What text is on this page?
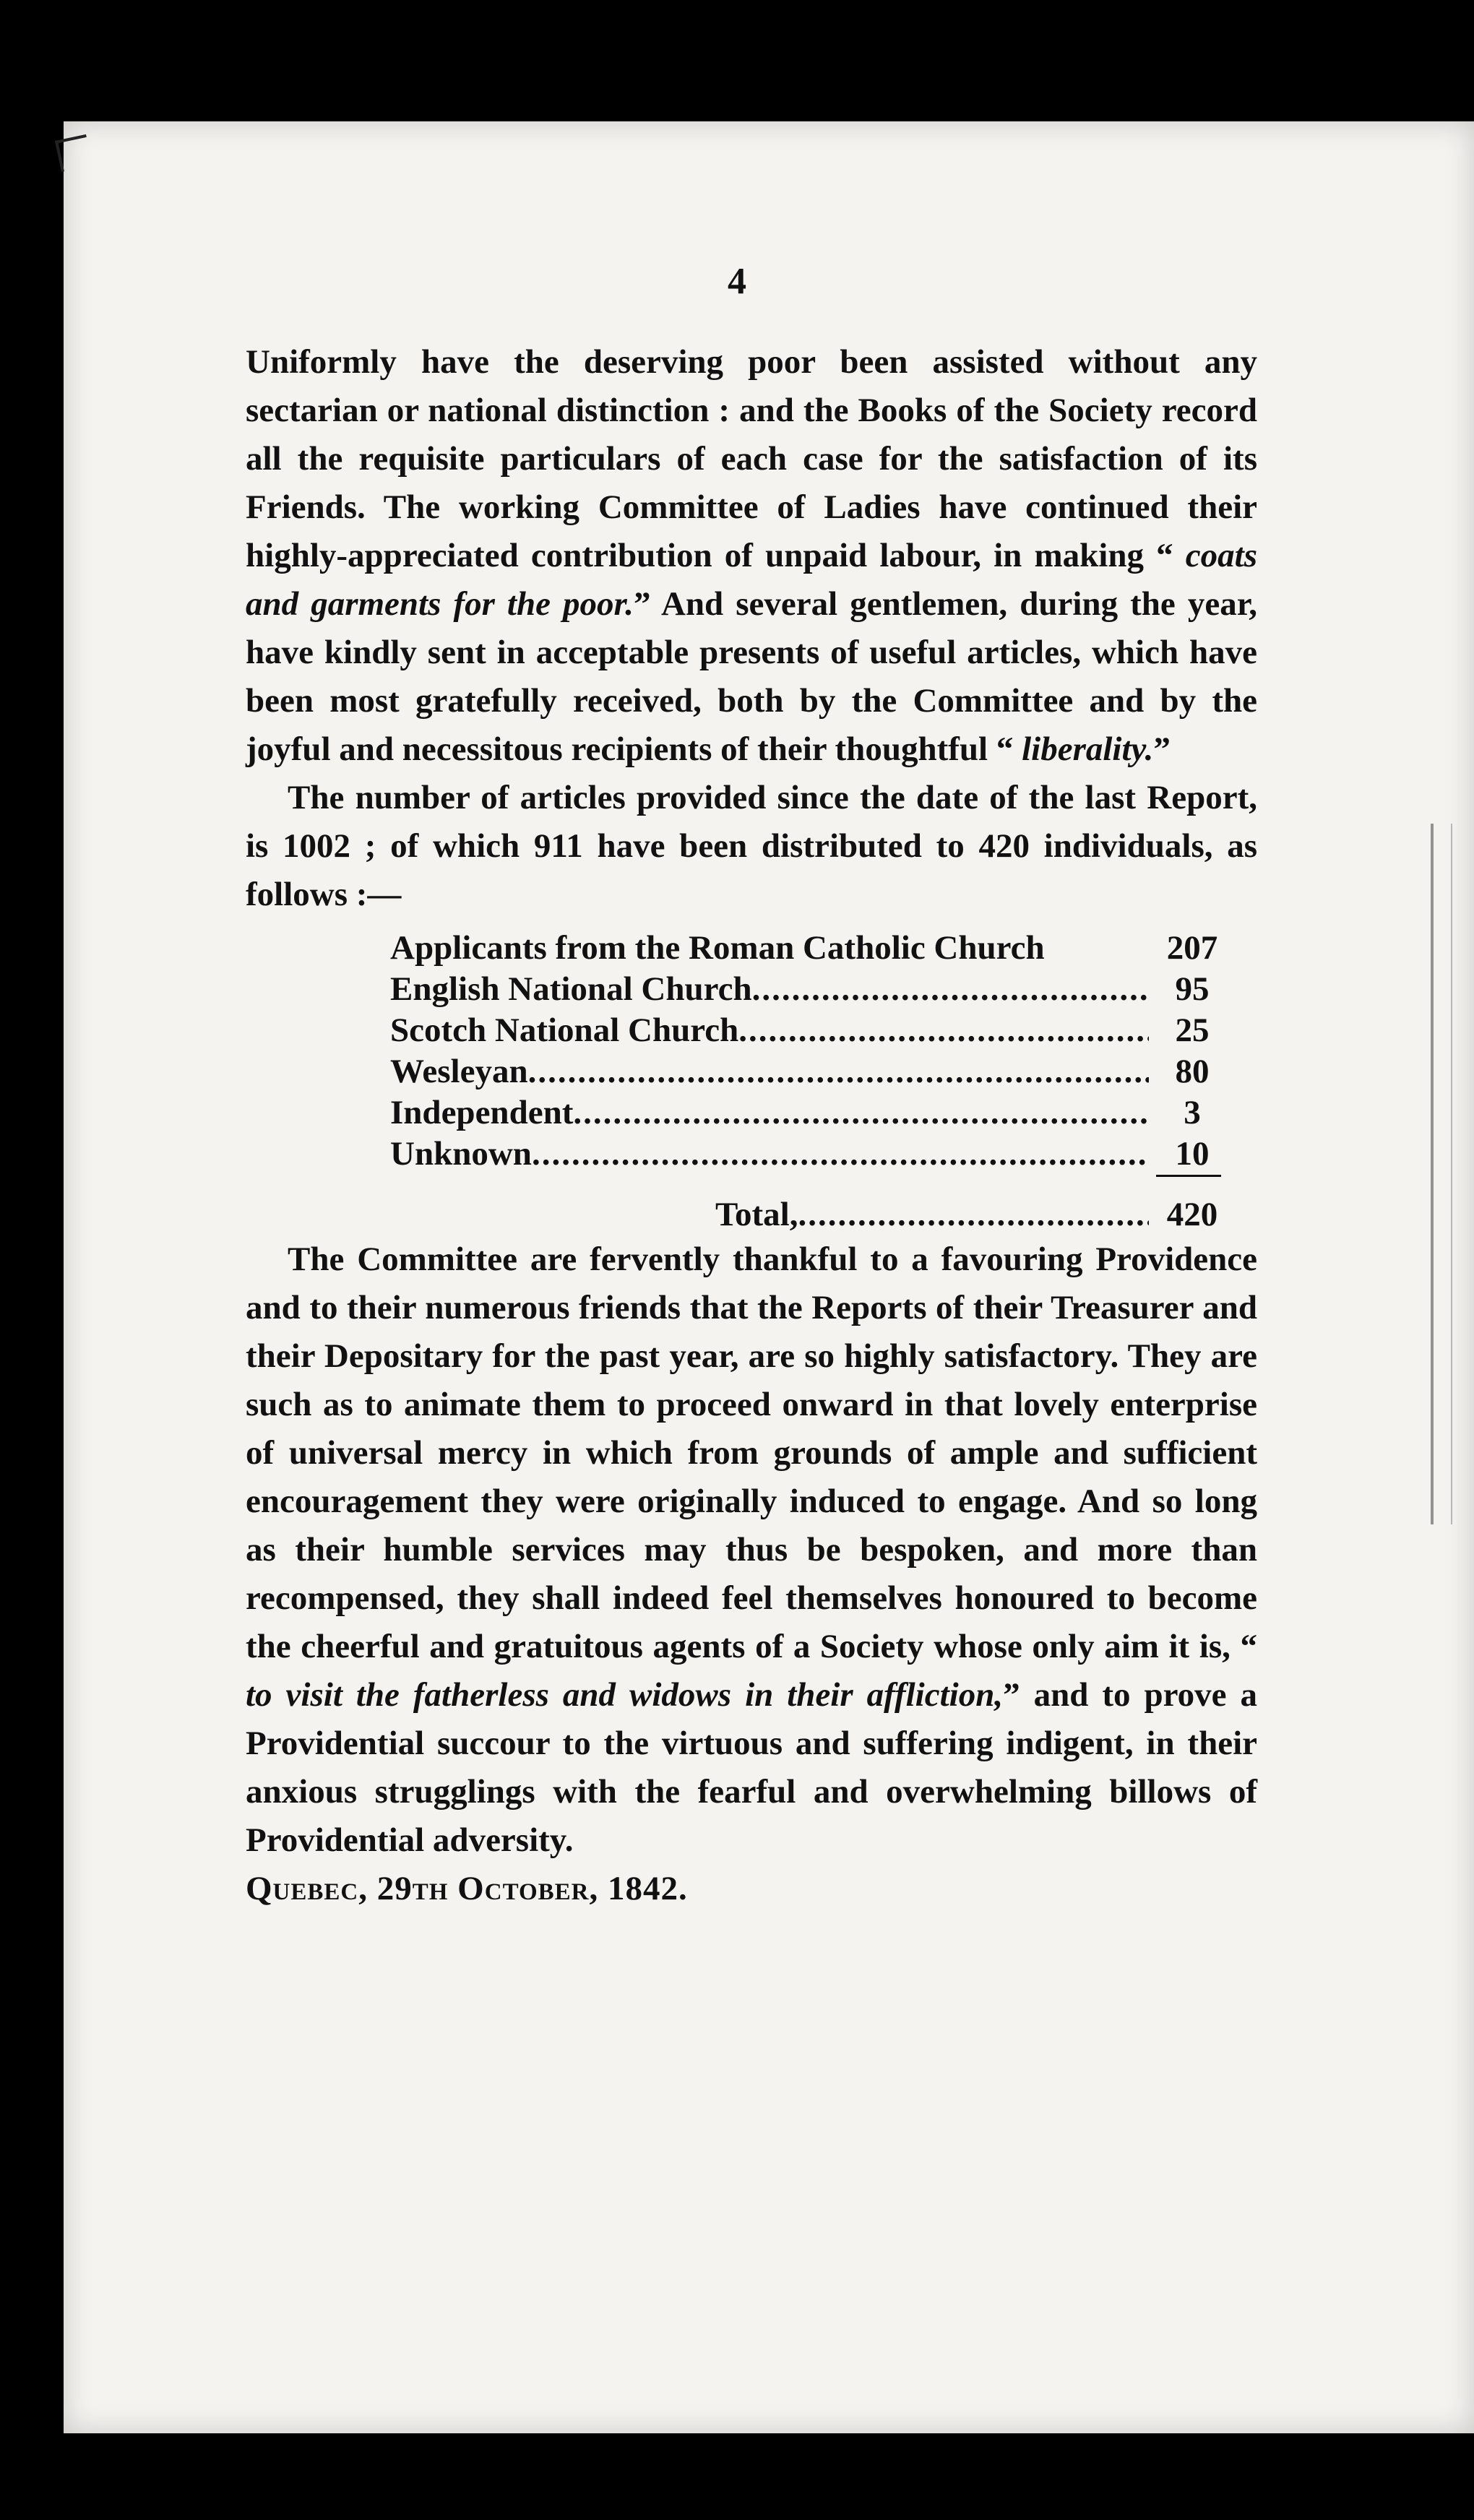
4

Uniformly have the deserving poor been assisted without any sectarian or national distinction : and the Books of the Society record all the requisite particulars of each case for the satisfaction of its Friends. The working Committee of Ladies have continued their highly-appreciated contribution of unpaid labour, in making “ coats and garments for the poor.” And several gentlemen, during the year, have kindly sent in acceptable presents of useful articles, which have been most gratefully received, both by the Committee and by the joyful and necessitous recipients of their thoughtful “ liberality.”

The number of articles provided since the date of the last Report, is 1002 ; of which 911 have been distributed to 420 individuals, as follows :—

Applicants from the Roman Catholic Church	207
English National Church .....	95
Scotch National Church .....	25
Wesleyan .....	80
Independent .....	3
Unknown .....	10
Total, .....	420

The Committee are fervently thankful to a favouring Providence and to their numerous friends that the Reports of their Treasurer and their Depositary for the past year, are so highly satisfactory. They are such as to animate them to proceed onward in that lovely enterprise of universal mercy in which from grounds of ample and sufficient encouragement they were originally induced to engage. And so long as their humble services may thus be bespoken, and more than recompensed, they shall indeed feel themselves honoured to become the cheerful and gratuitous agents of a Society whose only aim it is, “ to visit the fatherless and widows in their affliction,” and to prove a Providential succour to the virtuous and suffering indigent, in their anxious strugglings with the fearful and overwhelming billows of Providential adversity.

Quebec, 29th October, 1842.
